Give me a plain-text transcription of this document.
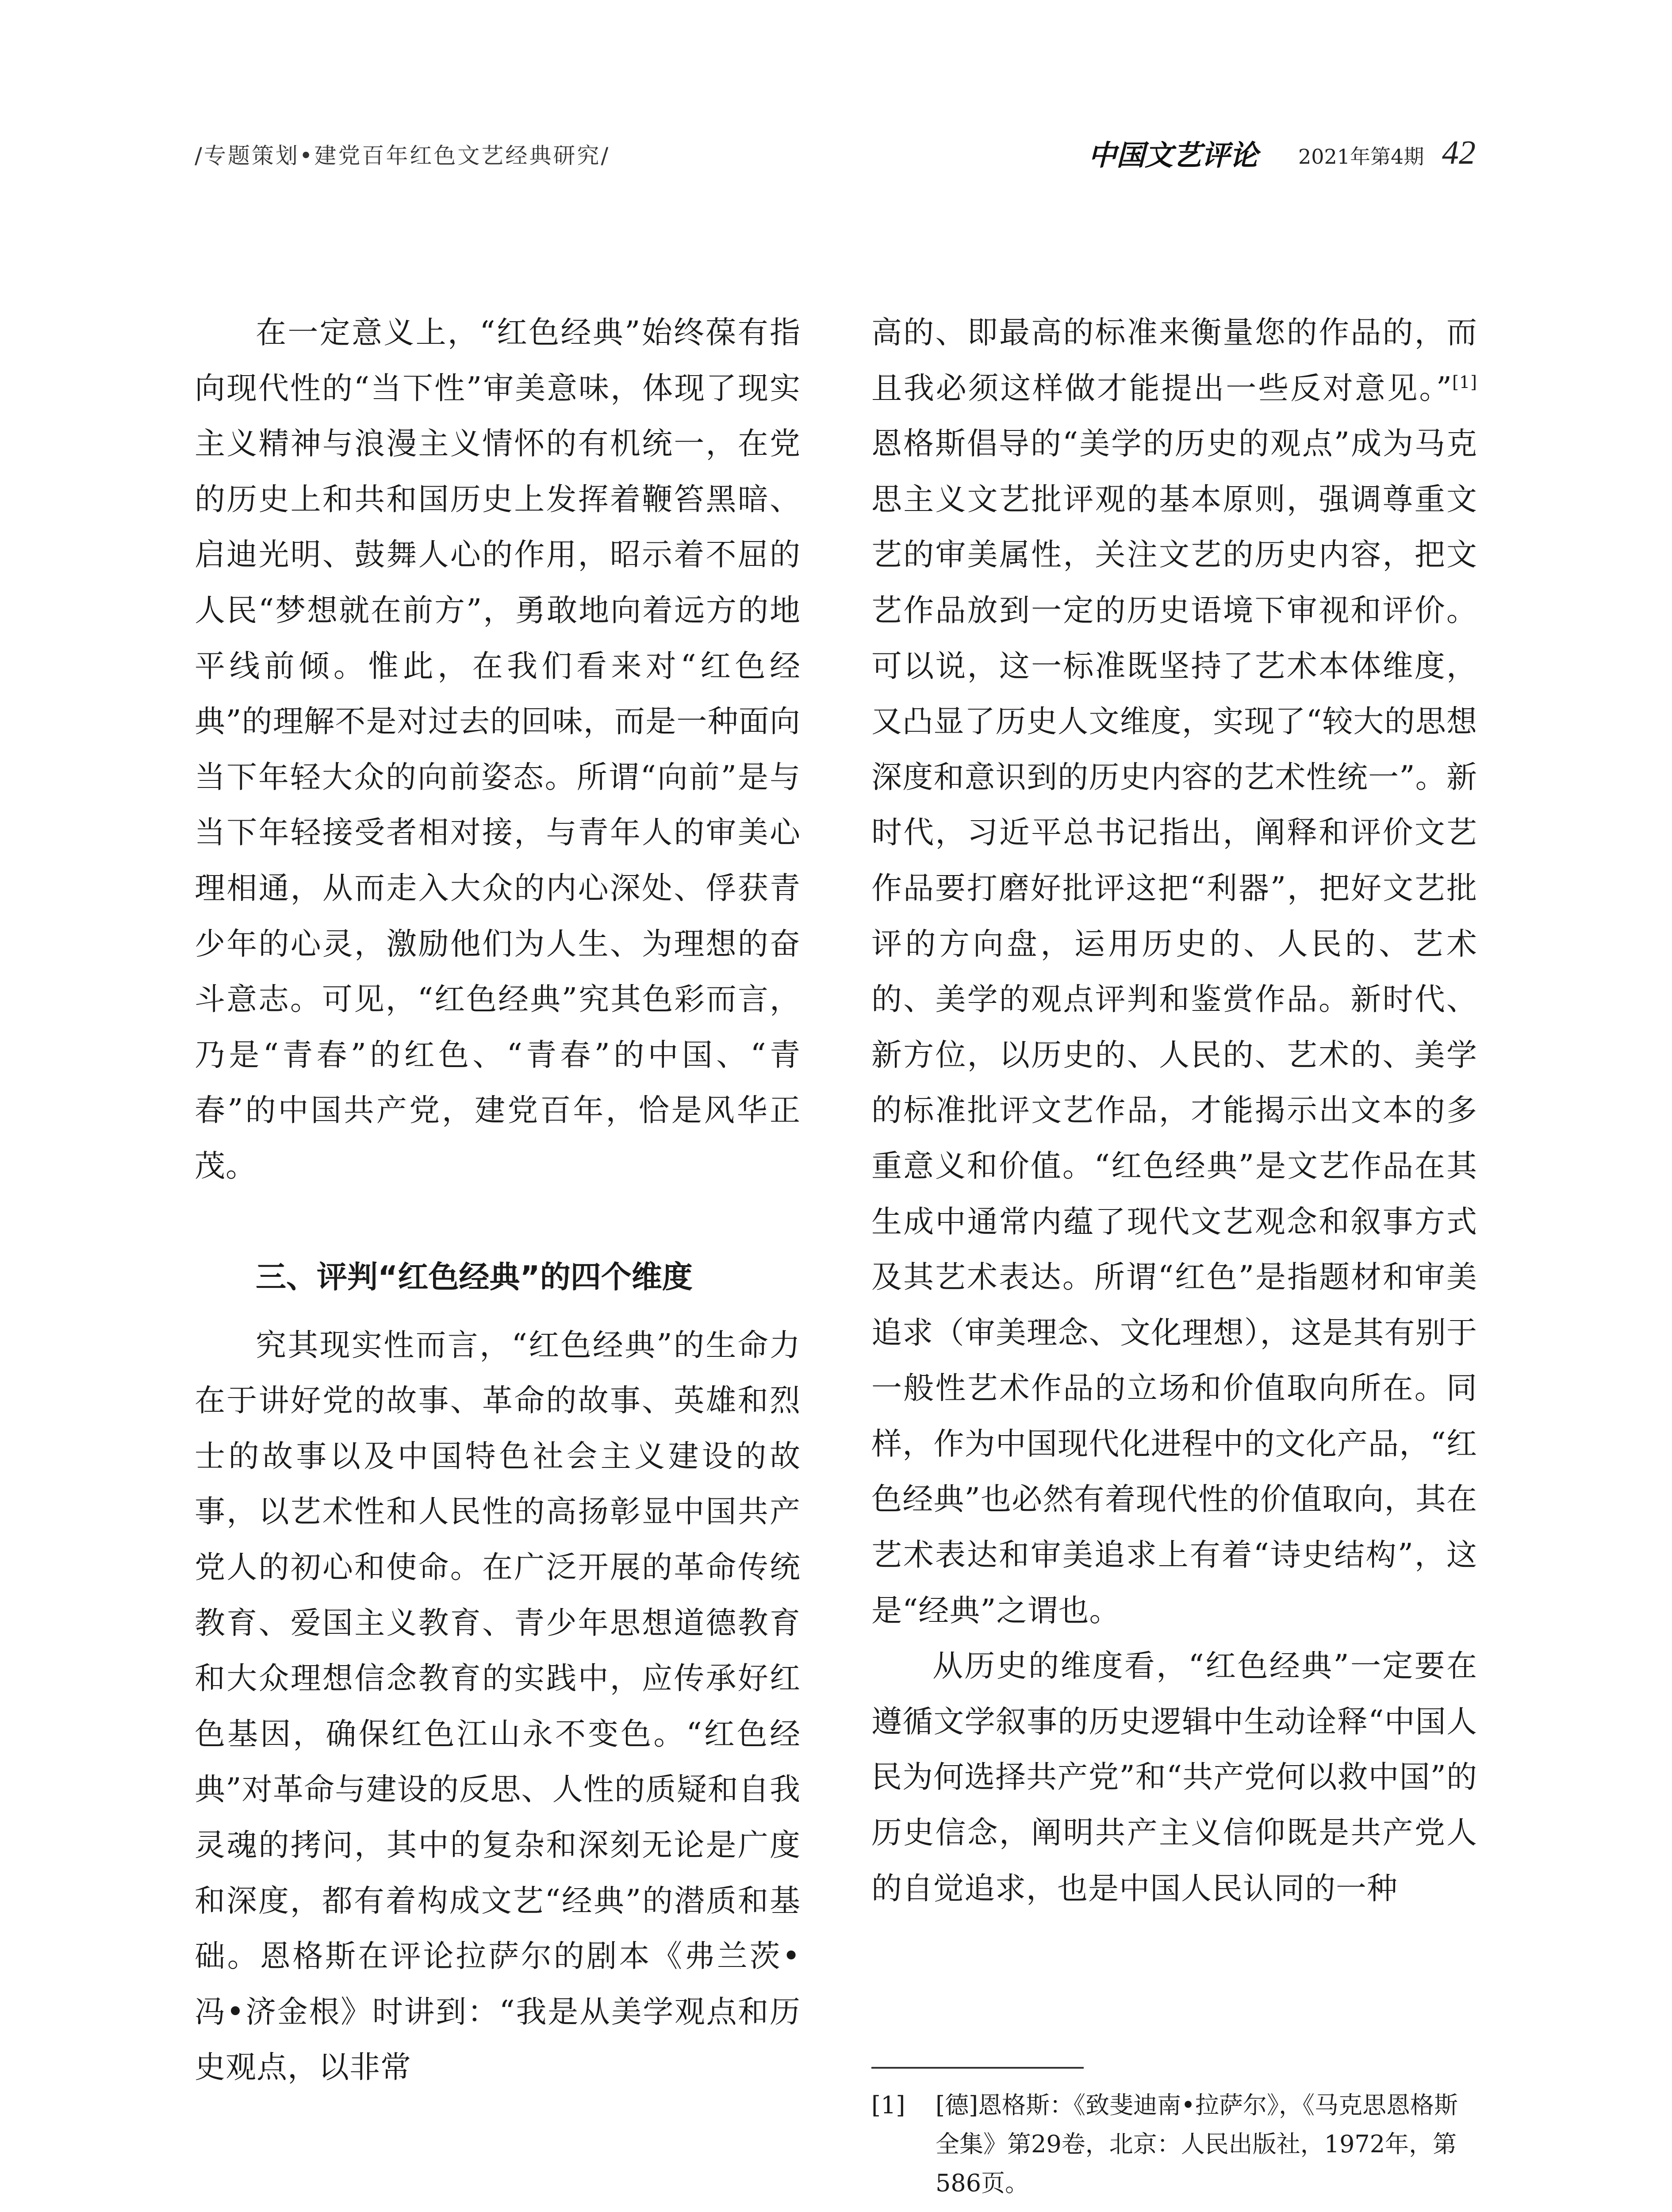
/专题策划•建党百年红色文艺经典研究/	中国文艺评论 2021年第4期 42

在一定意义上，“红色经典”始终葆有指向现代性的“当下性”审美意味，体现了现实主义精神与浪漫主义情怀的有机统一，在党的历史上和共和国历史上发挥着鞭笞黑暗、启迪光明、鼓舞人心的作用，昭示着不屈的人民“梦想就在前方”，勇敢地向着远方的地平线前倾。惟此，在我们看来对“红色经典”的理解不是对过去的回味，而是一种面向当下年轻大众的向前姿态。所谓“向前”是与当下年轻接受者相对接，与青年人的审美心理相通，从而走入大众的内心深处、俘获青少年的心灵，激励他们为人生、为理想的奋斗意志。可见，“红色经典”究其色彩而言，乃是“青春”的红色、“青春”的中国、“青春”的中国共产党，建党百年，恰是风华正茂。

三、评判“红色经典”的四个维度

究其现实性而言，“红色经典”的生命力在于讲好党的故事、革命的故事、英雄和烈士的故事以及中国特色社会主义建设的故事，以艺术性和人民性的高扬彰显中国共产党人的初心和使命。在广泛开展的革命传统教育、爱国主义教育、青少年思想道德教育和大众理想信念教育的实践中，应传承好红色基因，确保红色江山永不变色。“红色经典”对革命与建设的反思、人性的质疑和自我灵魂的拷问，其中的复杂和深刻无论是广度和深度，都有着构成文艺“经典”的潜质和基础。恩格斯在评论拉萨尔的剧本《弗兰茨•冯•济金根》时讲到：“我是从美学观点和历史观点，以非常

高的、即最高的标准来衡量您的作品的，而且我必须这样做才能提出一些反对意见。”[1]恩格斯倡导的“美学的历史的观点”成为马克思主义文艺批评观的基本原则，强调尊重文艺的审美属性，关注文艺的历史内容，把文艺作品放到一定的历史语境下审视和评价。可以说，这一标准既坚持了艺术本体维度，又凸显了历史人文维度，实现了“较大的思想深度和意识到的历史内容的艺术性统一”。新时代，习近平总书记指出，阐释和评价文艺作品要打磨好批评这把“利器”，把好文艺批评的方向盘，运用历史的、人民的、艺术的、美学的观点评判和鉴赏作品。新时代、新方位，以历史的、人民的、艺术的、美学的标准批评文艺作品，才能揭示出文本的多重意义和价值。“红色经典”是文艺作品在其生成中通常内蕴了现代文艺观念和叙事方式及其艺术表达。所谓“红色”是指题材和审美追求（审美理念、文化理想），这是其有别于一般性艺术作品的立场和价值取向所在。同样，作为中国现代化进程中的文化产品，“红色经典”也必然有着现代性的价值取向，其在艺术表达和审美追求上有着“诗史结构”，这是“经典”之谓也。

从历史的维度看，“红色经典”一定要在遵循文学叙事的历史逻辑中生动诠释“中国人民为何选择共产党”和“共产党何以救中国”的历史信念，阐明共产主义信仰既是共产党人的自觉追求，也是中国人民认同的一种

[1]	[德]恩格斯：《致斐迪南•拉萨尔》，《马克思恩格斯全集》第29卷，北京：人民出版社，1972年，第586页。
